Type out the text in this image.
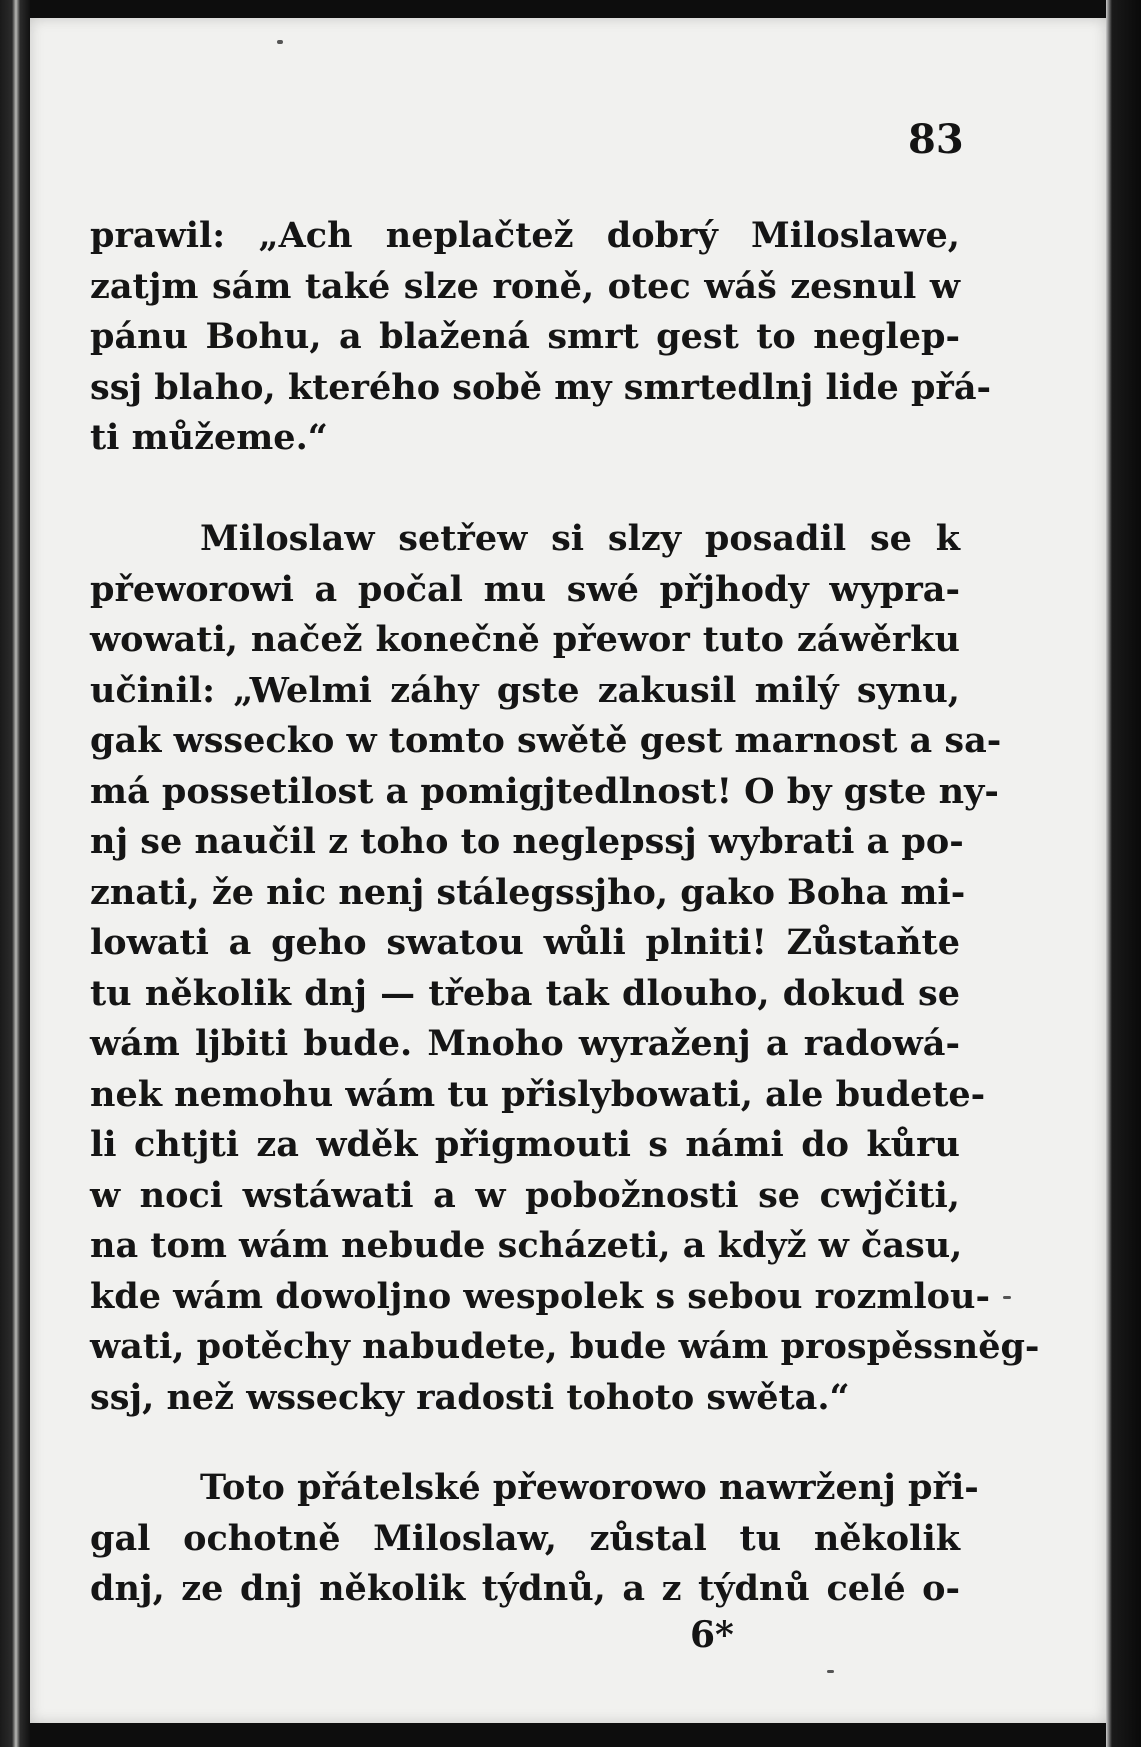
83
prawil: „Ach neplačtež dobrý Miloslawe,
zatjm sám také slze roně, otec wáš zesnul w
pánu Bohu, a blažená smrt gest to neglep-
ssj blaho, kterého sobě my smrtedlnj lide přá-
ti můžeme.“
Miloslaw setřew si slzy posadil se k
přeworowi a počal mu swé přjhody wypra-
wowati, načež konečně přewor tuto záwěrku
učinil: „Welmi záhy gste zakusil milý synu,
gak wssecko w tomto swětě gest marnost a sa-
má possetilost a pomigjtedlnost! O by gste ny-
nj se naučil z toho to neglepssj wybrati a po-
znati, že nic nenj stálegssjho, gako Boha mi-
lowati a geho swatou wůli plniti! Zůstaňte
tu několik dnj — třeba tak dlouho, dokud se
wám ljbiti bude. Mnoho wyraženj a radowá-
nek nemohu wám tu přislybowati, ale budete-
li chtjti za wděk přigmouti s námi do kůru
w noci wstáwati a w pobožnosti se cwjčiti,
na tom wám nebude scházeti, a když w času,
kde wám dowoljno wespolek s sebou rozmlou-
wati, potěchy nabudete, bude wám prospěssněg-
ssj, než wssecky radosti tohoto swěta.“
Toto přátelské přeworowo nawrženj při-
gal ochotně Miloslaw, zůstal tu několik
dnj, ze dnj několik týdnů, a z týdnů celé o-
6*
